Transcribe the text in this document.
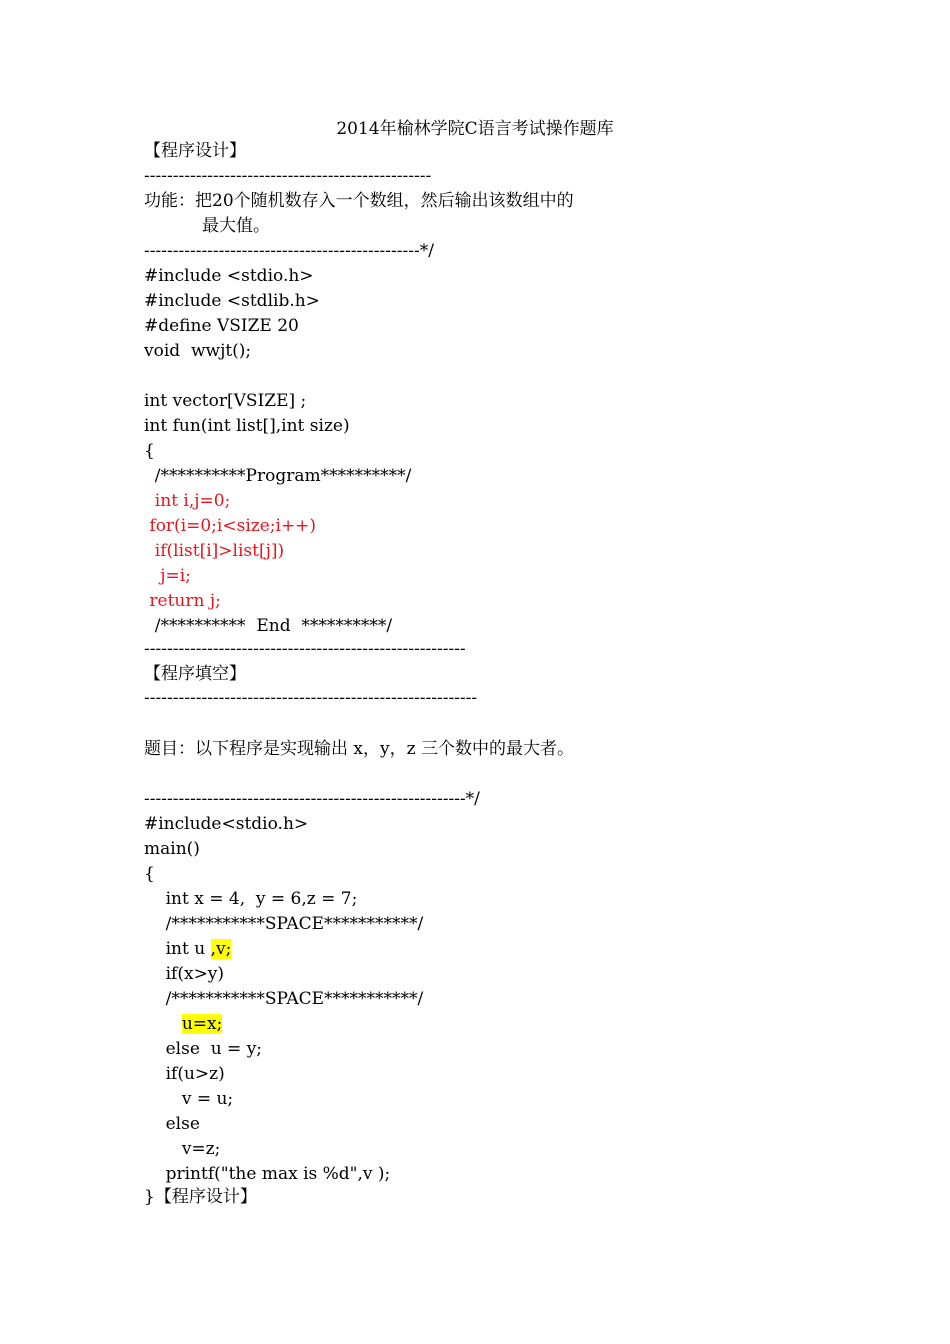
2014年榆林学院C语言考试操作题库
【程序设计】
--------------------------------------------------
功能：把20个随机数存入一个数组，然后输出该数组中的
最大值。
------------------------------------------------*/
#include <stdio.h>
#include <stdlib.h>
#define VSIZE 20
void  wwjt();
int vector[VSIZE] ;
int fun(int list[],int size)
{
/**********Program**********/
int i,j=0;
for(i=0;i<size;i++)
if(list[i]>list[j])
j=i;
return j;
/**********  End  **********/
--------------------------------------------------------
【程序填空】
----------------------------------------------------------
题目：以下程序是实现输出 x，y，z 三个数中的最大者。
--------------------------------------------------------*/
#include<stdio.h>
main()
{
int x = 4,  y = 6,z = 7;
/***********SPACE***********/
int u ,v;
if(x>y)
/***********SPACE***********/
u=x;
else  u = y;
if(u>z)
v = u;
else
v=z;
printf("the max is %d",v );
}【程序设计】
